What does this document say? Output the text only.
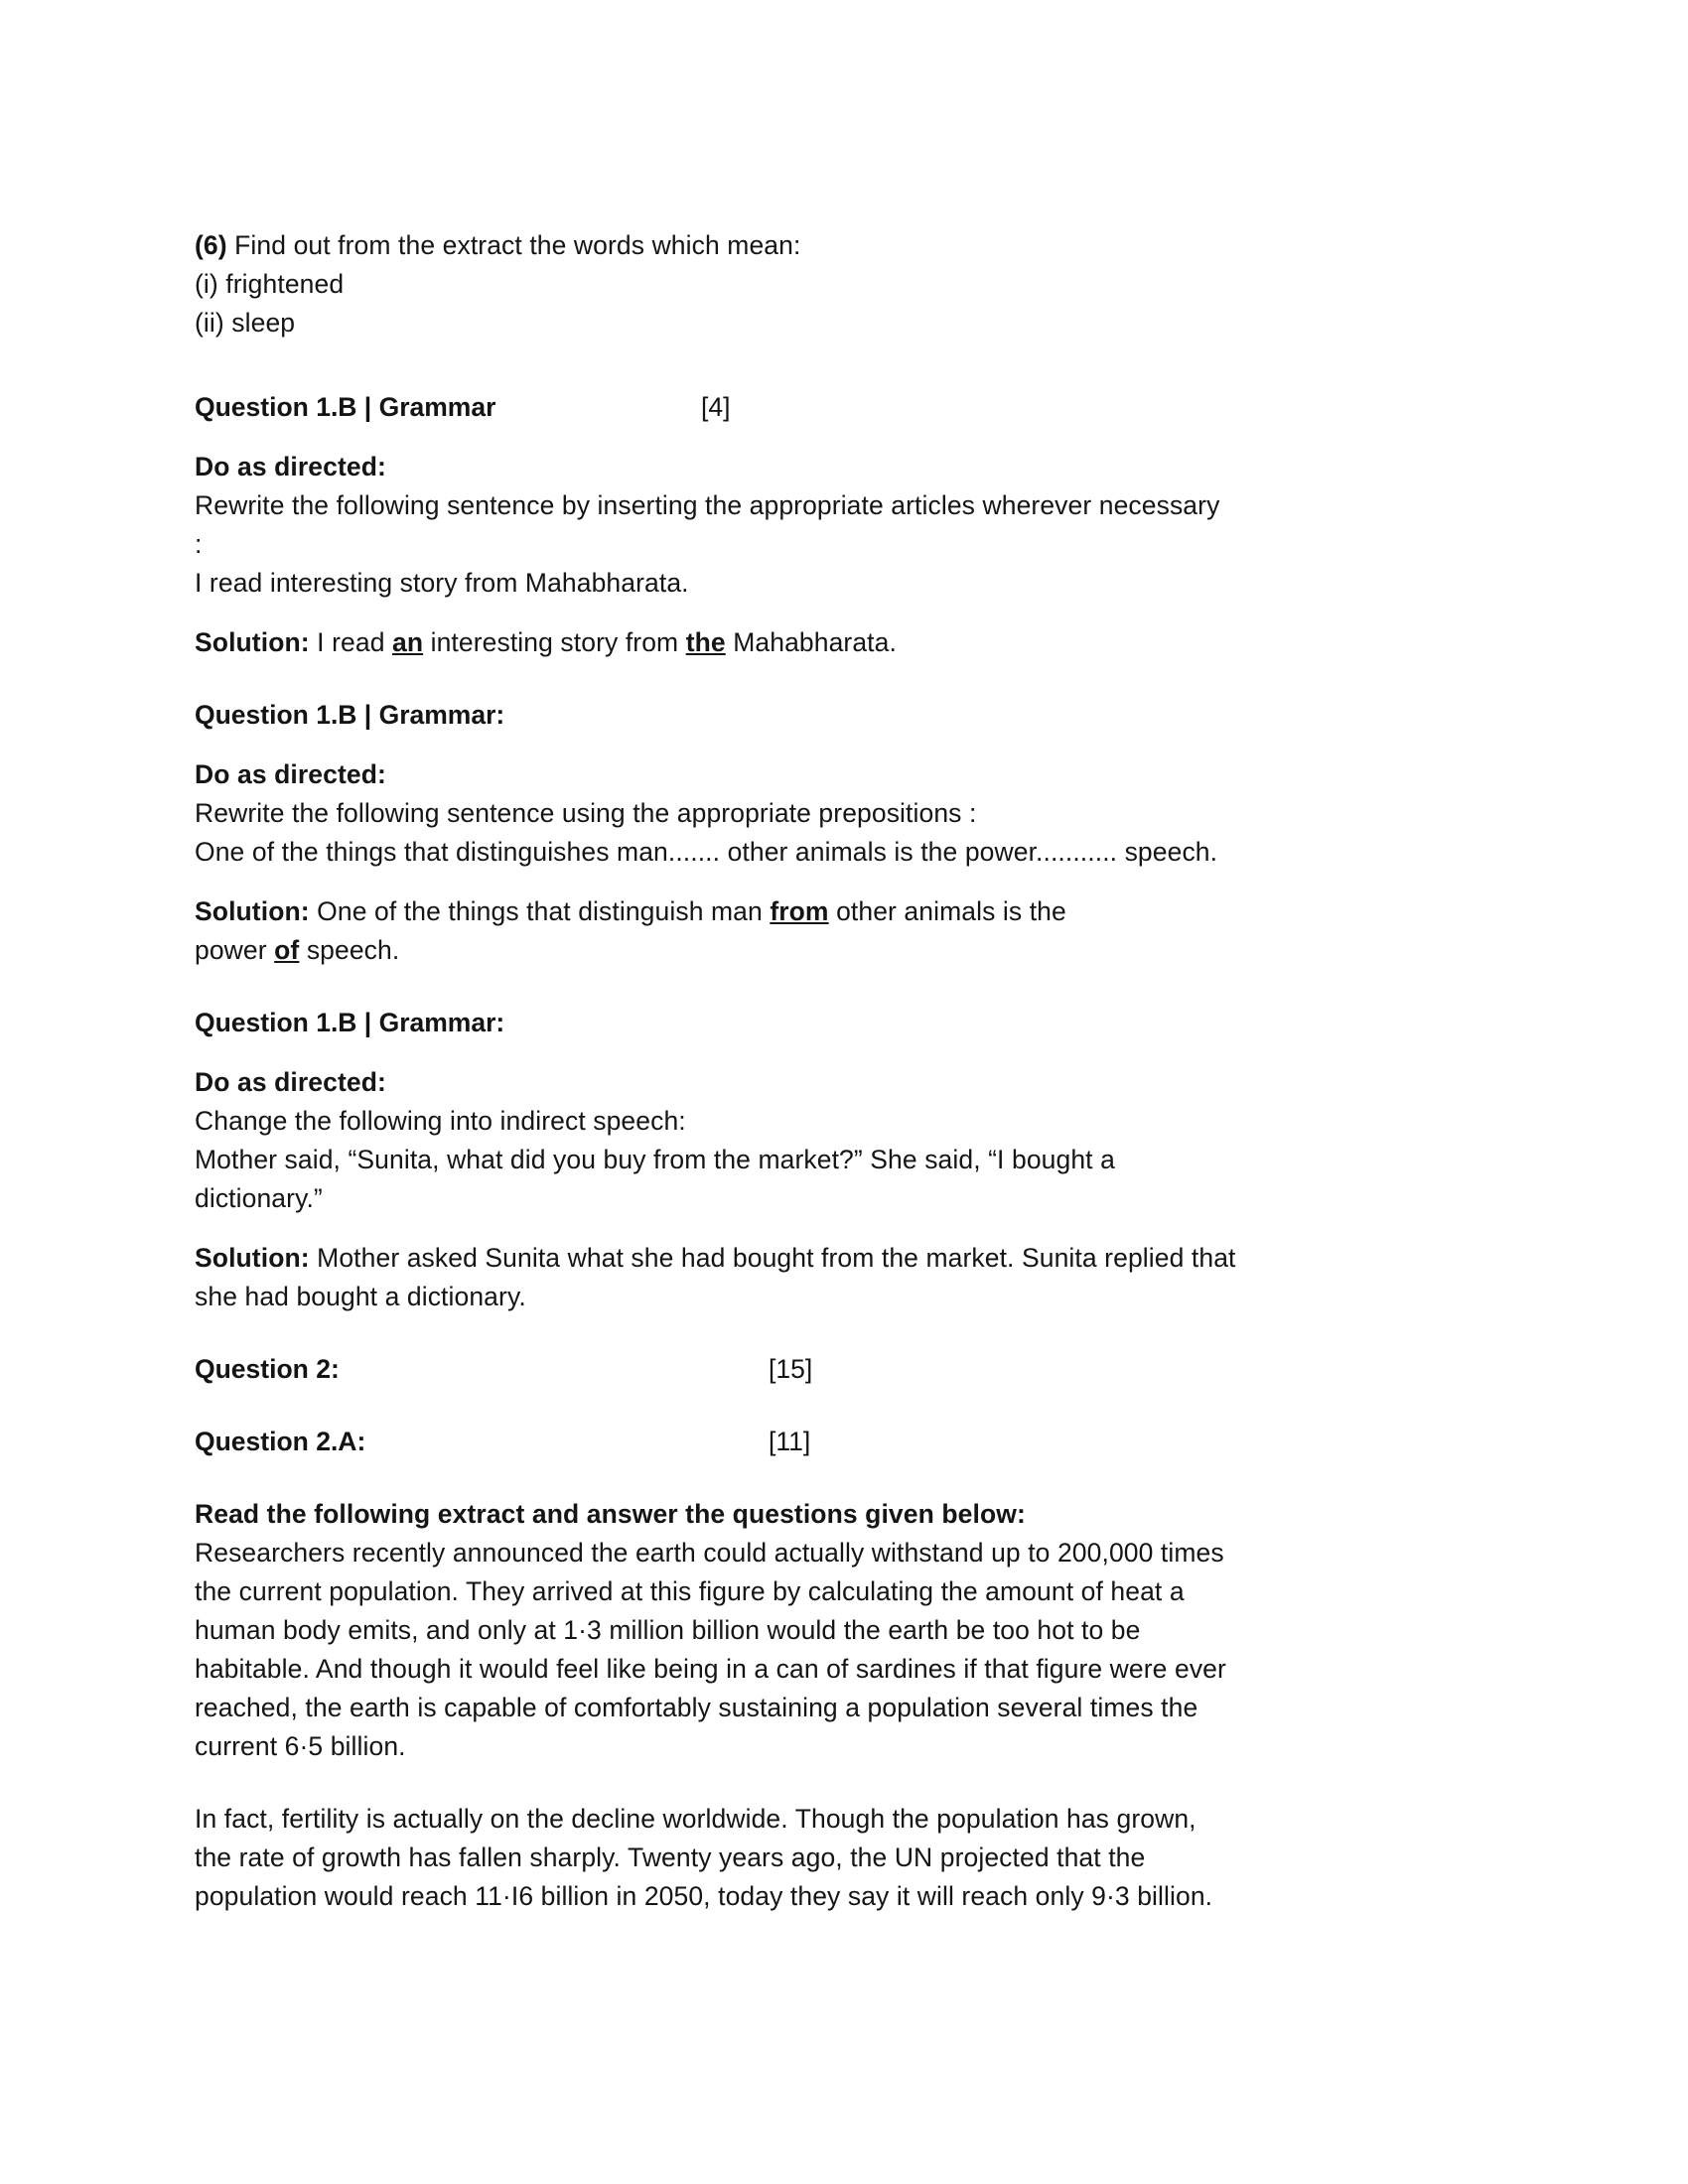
(6) Find out from the extract the words which mean:
(i) frightened
(ii) sleep
Question 1.B | Grammar	[4]
Do as directed:
Rewrite the following sentence by inserting the appropriate articles wherever necessary
:
I read interesting story from Mahabharata.
Solution: I read an interesting story from the Mahabharata.
Question 1.B | Grammar:
Do as directed:
Rewrite the following sentence using the appropriate prepositions :
One of the things that distinguishes man....... other animals is the power........... speech.
Solution: One of the things that distinguish man from other animals is the
power of speech.
Question 1.B | Grammar:
Do as directed:
Change the following into indirect speech:
Mother said, “Sunita, what did you buy from the market?” She said, “I bought a
dictionary.”
Solution: Mother asked Sunita what she had bought from the market. Sunita replied that
she had bought a dictionary.
Question 2:	[15]
Question 2.A:	[11]
Read the following extract and answer the questions given below:
Researchers recently announced the earth could actually withstand up to 200,000 times
the current population. They arrived at this figure by calculating the amount of heat a
human body emits, and only at 1·3 million billion would the earth be too hot to be
habitable. And though it would feel like being in a can of sardines if that figure were ever
reached, the earth is capable of comfortably sustaining a population several times the
current 6·5 billion.
In fact, fertility is actually on the decline worldwide. Though the population has grown,
the rate of growth has fallen sharply. Twenty years ago, the UN projected that the
population would reach 11·I6 billion in 2050, today they say it will reach only 9·3 billion.
